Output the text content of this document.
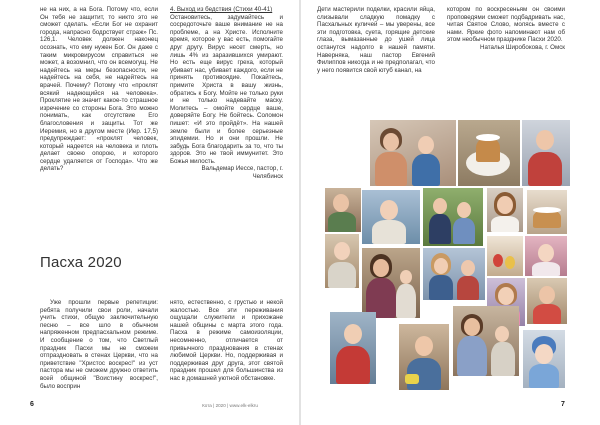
не на них, а на Бога. Потому что, если Он тебя не защитит, то никто это не сможет сделать. «Если Бог не охранит города, напрасно бодрствует страж» Пс. 126,1. Человек должен наконец осознать, что ему нужен Бог. Он даже с таким микровирусом справиться не может, а возомнил, что он всемогущ. Не надейтесь на меры безопасности, не надейтесь на себя, не надейтесь на врачей. Почему? Потому что «проклят всякий надеющийся на человека». Проклятие не значит какое-то страшное изречение со стороны Бога. Это можно понимать, как отсутствие Его благословения и защиты. Тот же Иеремия, но в другом месте (Иер. 17,5) предупреждает: «проклят человек, который надеется на человека и плоть делает своею опорою, и которого сердце удаляется от Господа». Что же делать?

4. Выход из бедствия (Стихи 40-41)

Остановитесь, задумайтесь и сосредоточьте ваше внимание не на проблеме, а на Христе. Исполните время, которое у вас есть, помогайте друг другу. Вирус несет смерть, но лишь 4% из заразившихся умирают. Но есть еще вирус греха, который убивает нас, убивает каждого, если не принять противоядие. Покайтесь, примите Христа в вашу жизнь, обратись к Богу. Мойте не только руки и не только надевайте маску. Молитесь – омойте сердце ваше, доверяйте Богу. Не бойтесь. Соломон пишет: «И это пройдёт». На нашей земле были и более серьезные эпидемии. Но и они прошли. Не забудь Бога благодарить за то, что ты здоров. Это не твой иммунитет. Это Божья милость.

Вальдемар Иессе, пастор, г. Челябинск

Пасха 2020

Уже прошли первые репетиции: ребята получили свои роли, начали учить стихи, общую заключительную песню – все шло в обычном напряженном предпасхальном режиме. И сообщение о том, что Светлый праздник Пасхи мы не сможем отпраздновать в стенах Церкви, что на приветствие "Христос воскрес!" из уст пастора мы не сможем дружно ответить всей общиной "Воистину воскрес!", было восприн

нято, естественно, с грустью и некой жалостью. Все эти переживания ощущали служители и прихожане нашей общины с марта этого года. Пасха в режиме самоизоляции, несомненно, отличается от привычного празднования в стенах любимой Церкви. Но, поддерживая и поддерживая друг друга, этот святой праздник прошел для большинства из нас в домашней уютной обстановке.

6	Кота | 2020 | www.elk-elkru

Дети мастерили поделки, красили яйца, слизывали сладкую помадку с Пасхальных куличей – мы уверены, все эти подготовка, суета, горящие детские глаза, вымазанные до ушей лица останутся надолго в нашей памяти. Наверняка, наш пастор Евгений Филиппов никогда и не предполагал, что у него появится свой ютуб канал, на

котором по воскресеньям он своими проповедями сможет подбадривать нас, читая Святое Слово, молясь вместе с нами. Яркие фото напоминают нам об этом необычном празднике Пасхи 2020.

Наталья Широбокова, г. Омск

7
